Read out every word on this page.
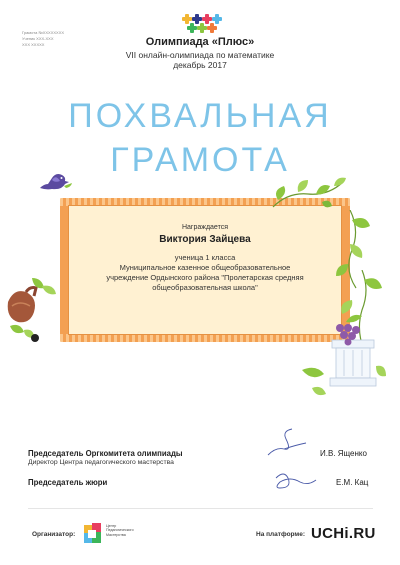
Грамота №ХXXXXXXX
Ученик XXX-XXX
XXX XXXXX	Олимпиада «Плюс»
VII онлайн-олимпиада по математике
декабрь 2017
ПОХВАЛЬНАЯ
ГРАМОТА
Награждается
Виктория Зайцева
ученица 1 класса
Муниципальное казенное общеобразовательное
учреждение Ордынского района "Пролетарская средняя
общеобразовательная школа"
Председатель Оргкомитета олимпиады
Директор Центра педагогического мастерства
И.В. Ященко
Председатель жюри	Е.М. Кац
Организатор:
Центр
Педагогического
Мастерства	На платформе: UCHi.RU
